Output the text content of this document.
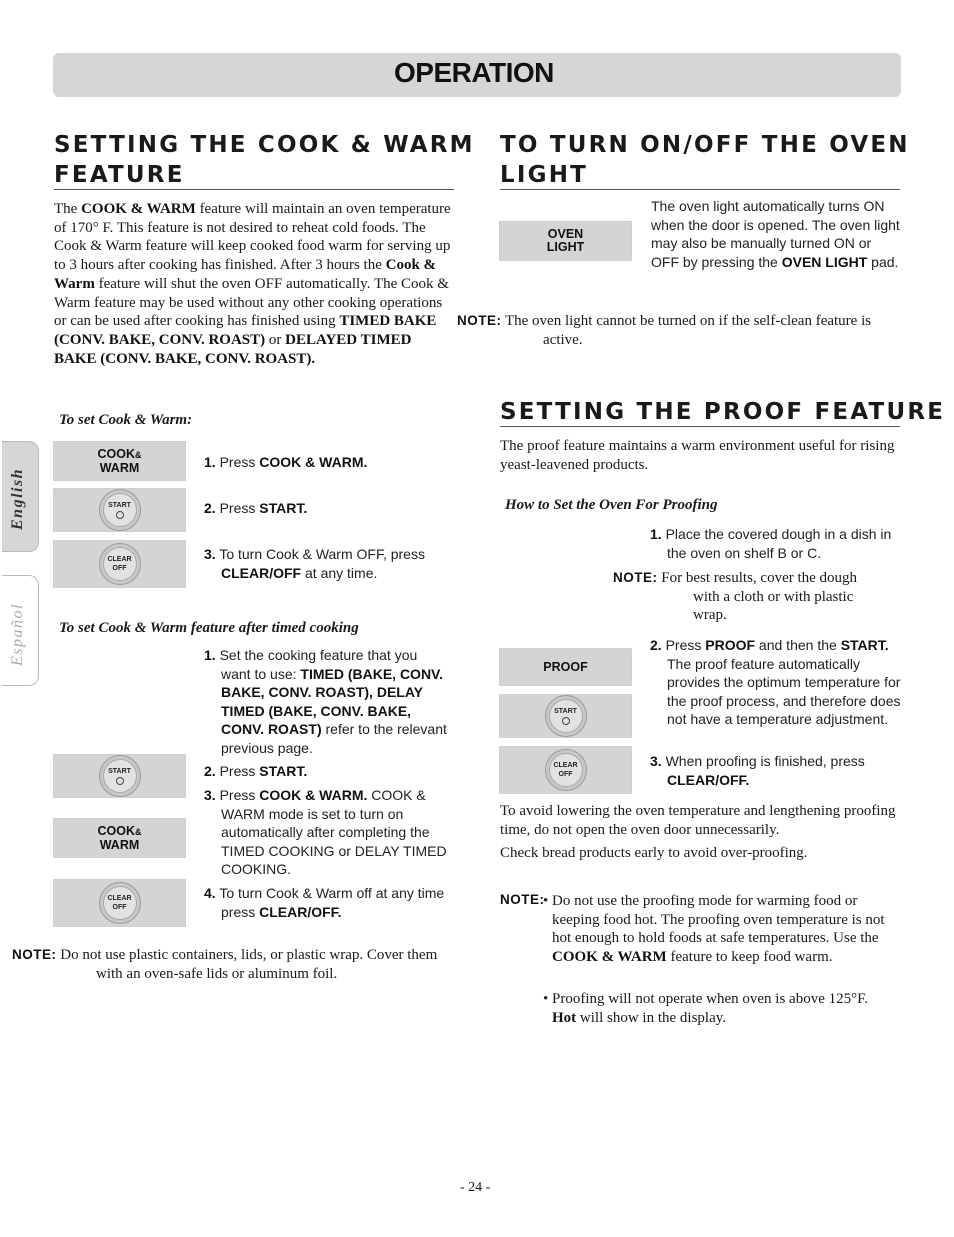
OPERATION
English
Español
SETTING THE COOK & WARM
FEATURE

The COOK & WARM feature will maintain an oven temperature of 170° F. This feature is not desired to reheat cold foods. The Cook & Warm feature will keep cooked food warm for serving up to 3 hours after cooking has finished. After 3 hours the Cook & Warm feature will shut the oven OFF automatically. The Cook & Warm feature may be used without any other cooking operations or can be used after cooking has finished using TIMED BAKE (CONV. BAKE, CONV. ROAST) or DELAYED TIMED BAKE (CONV. BAKE, CONV. ROAST).

To set Cook & Warm:
COOK&
WARM
START
CLEAR
OFF
1. Press COOK & WARM.
2. Press START.
3. To turn Cook & Warm OFF, press
CLEAR/OFF at any time.
To set Cook & Warm feature after timed cooking
1. Set the cooking feature that you want to use: TIMED (BAKE, CONV. BAKE, CONV. ROAST), DELAY TIMED (BAKE, CONV. BAKE, CONV. ROAST) refer to the relevant previous page.
START	2. Press START.
COOK&
WARM
3. Press COOK & WARM. COOK & WARM mode is set to turn on automatically after completing the TIMED COOKING or DELAY TIMED COOKING.
CLEAR
OFF
4. To turn Cook & Warm off at any time press CLEAR/OFF.
NOTE: Do not use plastic containers, lids, or plastic wrap. Cover them with an oven-safe lids or aluminum foil.
TO TURN ON/OFF THE OVEN
LIGHT
OVEN
LIGHT
The oven light automatically turns ON when the door is opened. The oven light may also be manually turned ON or OFF by pressing the OVEN LIGHT pad.
NOTE: The oven light cannot be turned on if the self-clean feature is active.
SETTING THE PROOF FEATURE

The proof feature maintains a warm environment useful for rising yeast-leavened products.

How to Set the Oven For Proofing
1. Place the covered dough in a dish in the oven on shelf B or C.
NOTE: For best results, cover the dough with a cloth or with plastic wrap.
PROOF
START
CLEAR
OFF
2. Press PROOF and then the START. The proof feature automatically provides the optimum temperature for the proof process, and therefore does not have a temperature adjustment.
3. When proofing is finished, press CLEAR/OFF.

To avoid lowering the oven temperature and lengthening proofing time, do not open the oven door unnecessarily.

Check bread products early to avoid over-proofing.

NOTE:
• Do not use the proofing mode for warming food or keeping food hot. The proofing oven temperature is not hot enough to hold foods at safe temperatures. Use the COOK & WARM feature to keep food warm.
• Proofing will not operate when oven is above 125°F. Hot will show in the display.
- 24 -
